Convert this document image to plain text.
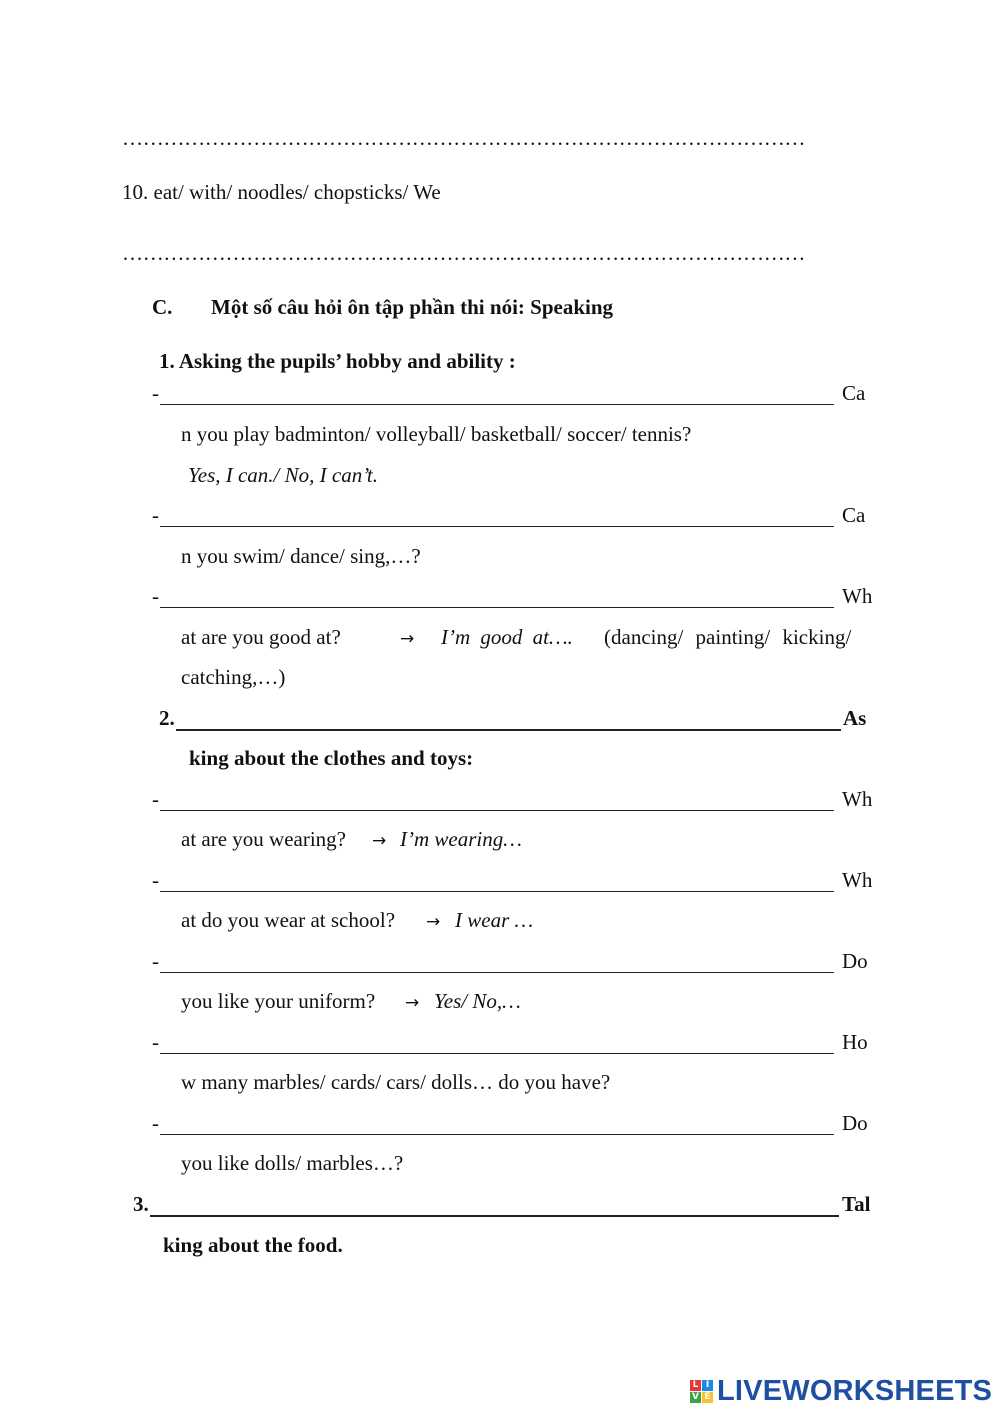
………………………………………………………………………………………
10. eat/ with/ noodles/ chopsticks/ We
………………………………………………………………………………………
C. Một số câu hỏi ôn tập phần thi nói: Speaking
1. Asking the pupils’ hobby and ability :
-	Ca
n you play badminton/ volleyball/ basketball/ soccer/ tennis?
Yes, I can./ No, I can’t.
-	Ca
n you swim/ dance/ sing,…?
-	Wh
at are you good at?	→ I’m good at…. (dancing/ painting/ kicking/
catching,…)
2.	As
king about the clothes and toys:
-	Wh
at are you wearing? → I’m wearing…
-	Wh
at do you wear at school? → I wear …
-	Do
you like your uniform? → Yes/ No,…
-	Ho
w many marbles/ cards/ cars/ dolls… do you have?
-	Do
you like dolls/ marbles…?
3.	Tal
king about the food.
L I
V E LIVEWORKSHEETS
